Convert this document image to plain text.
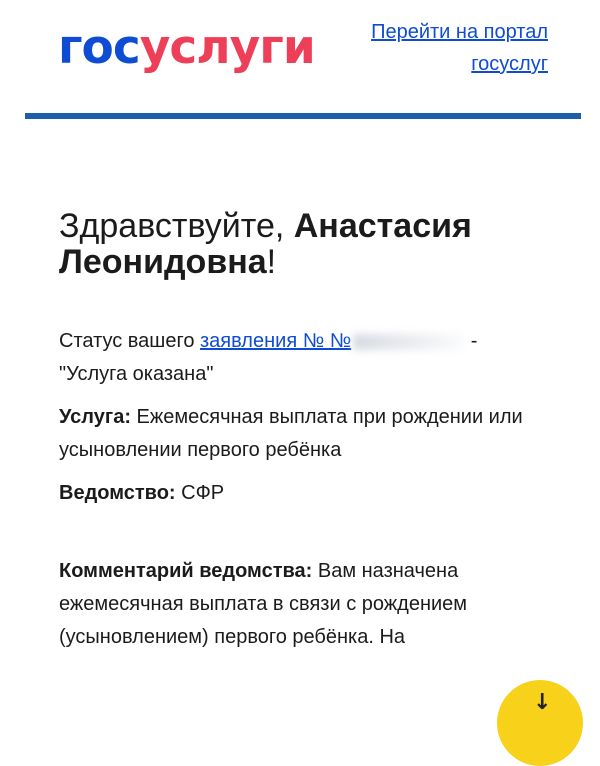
госуслуги	Перейти на портал госуслуг
Здравствуйте, Анастасия Леонидовна!

Статус вашего заявления № №	-
"Услуга оказана"

Услуга: Ежемесячная выплата при рождении или усыновлении первого ребёнка

Ведомство: СФР

Комментарий ведомства: Вам назначена ежемесячная выплата в связи с рождением (усыновлением) первого ребёнка. На

↓
